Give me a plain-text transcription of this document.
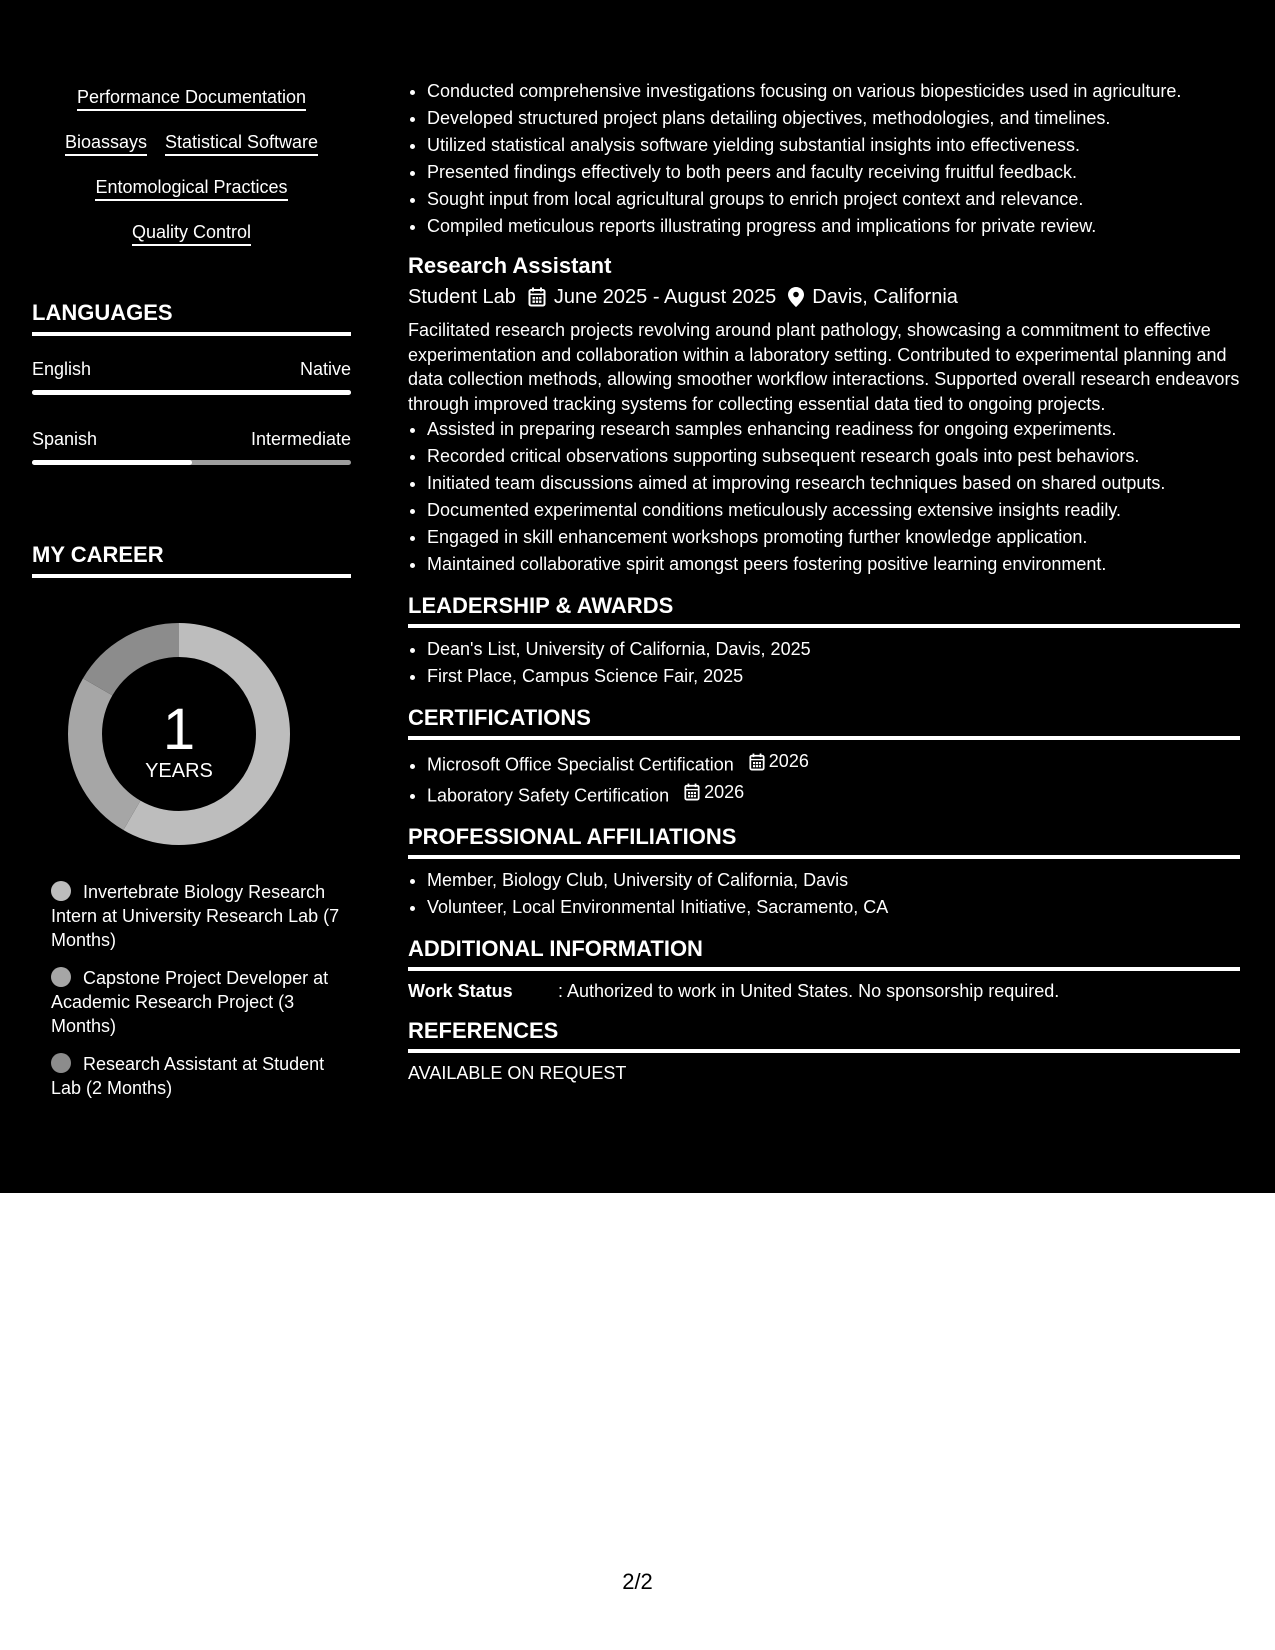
Performance Documentation
Bioassays Statistical Software
Entomological Practices
Quality Control
LANGUAGES
English	Native
Spanish	Intermediate
MY CAREER
1
YEARS
Invertebrate Biology Research Intern at University Research Lab (7 Months)
Capstone Project Developer at Academic Research Project (3 Months)
Research Assistant at Student Lab (2 Months)
• Conducted comprehensive investigations focusing on various biopesticides used in agriculture.
• Developed structured project plans detailing objectives, methodologies, and timelines.
• Utilized statistical analysis software yielding substantial insights into effectiveness.
• Presented findings effectively to both peers and faculty receiving fruitful feedback.
• Sought input from local agricultural groups to enrich project context and relevance.
• Compiled meticulous reports illustrating progress and implications for private review.
Research Assistant
Student Lab June 2025 - August 2025 Davis, California
Facilitated research projects revolving around plant pathology, showcasing a commitment to effective experimentation and collaboration within a laboratory setting. Contributed to experimental planning and data collection methods, allowing smoother workflow interactions. Supported overall research endeavors through improved tracking systems for collecting essential data tied to ongoing projects.
• Assisted in preparing research samples enhancing readiness for ongoing experiments.
• Recorded critical observations supporting subsequent research goals into pest behaviors.
• Initiated team discussions aimed at improving research techniques based on shared outputs.
• Documented experimental conditions meticulously accessing extensive insights readily.
• Engaged in skill enhancement workshops promoting further knowledge application.
• Maintained collaborative spirit amongst peers fostering positive learning environment.
LEADERSHIP & AWARDS
• Dean's List, University of California, Davis, 2025
• First Place, Campus Science Fair, 2025
CERTIFICATIONS
• Microsoft Office Specialist Certification 2026
• Laboratory Safety Certification 2026
PROFESSIONAL AFFILIATIONS
• Member, Biology Club, University of California, Davis
• Volunteer, Local Environmental Initiative, Sacramento, CA
ADDITIONAL INFORMATION
Work Status	: Authorized to work in United States. No sponsorship required.
REFERENCES
AVAILABLE ON REQUEST
2/2
